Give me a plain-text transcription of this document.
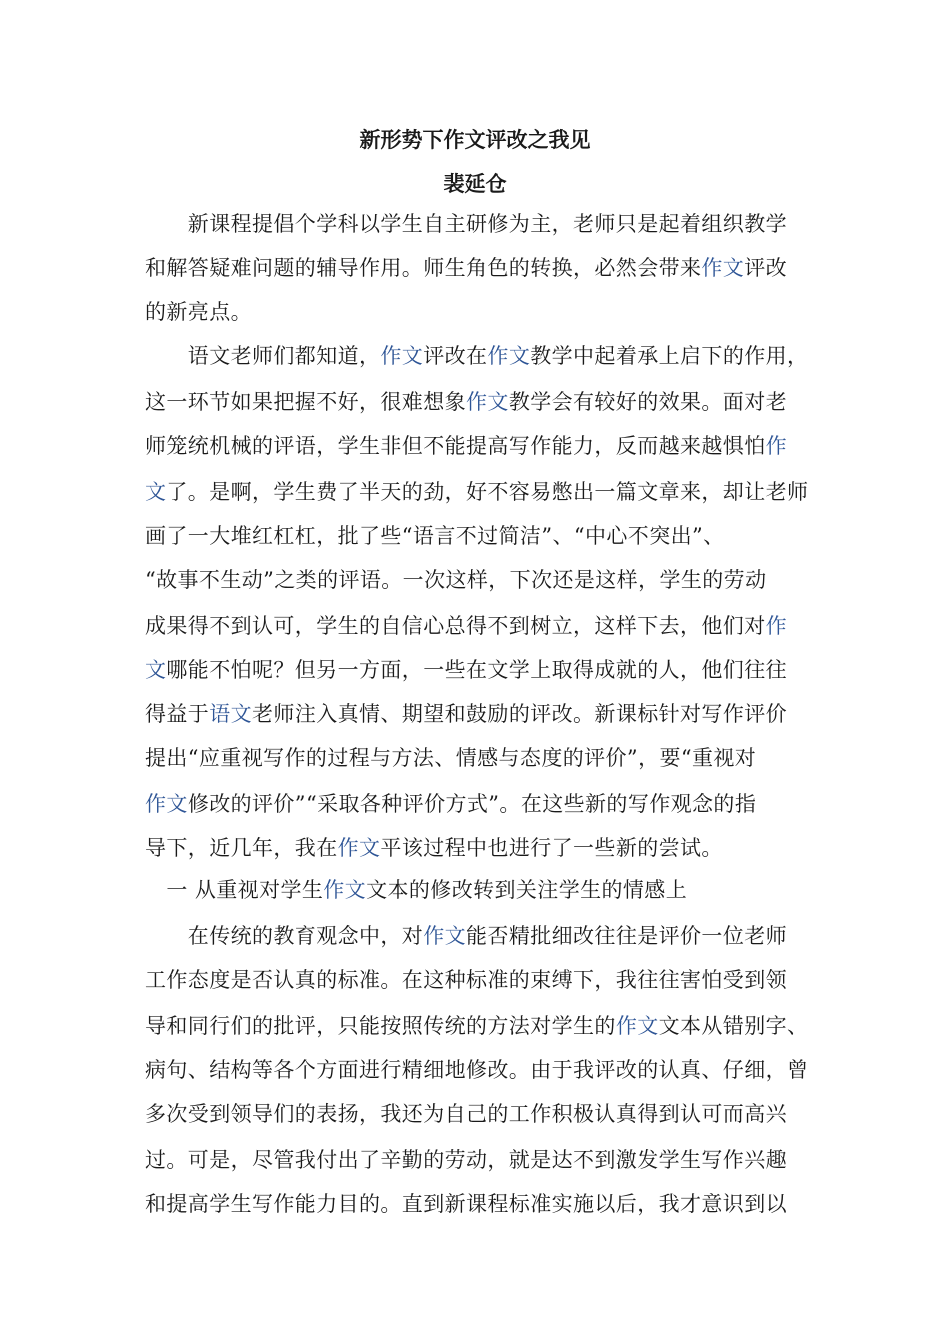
新形势下作文评改之我见
裴延仓
　　新课程提倡个学科以学生自主研修为主，老师只是起着组织教学
和解答疑难问题的辅导作用。师生角色的转换，必然会带来作文评改
的新亮点。
　　语文老师们都知道，作文评改在作文教学中起着承上启下的作用，
这一环节如果把握不好，很难想象作文教学会有较好的效果。面对老
师笼统机械的评语，学生非但不能提高写作能力，反而越来越惧怕作
文了。是啊，学生费了半天的劲，好不容易憋出一篇文章来，却让老师
画了一大堆红杠杠，批了些“语言不过简洁”、“中心不突出”、
“故事不生动”之类的评语。一次这样，下次还是这样，学生的劳动
成果得不到认可，学生的自信心总得不到树立，这样下去，他们对作
文哪能不怕呢？但另一方面，一些在文学上取得成就的人，他们往往
得益于语文老师注入真情、期望和鼓励的评改。新课标针对写作评价
提出“应重视写作的过程与方法、情感与态度的评价”，要“重视对
作文修改的评价”“采取各种评价方式”。在这些新的写作观念的指
导下，近几年，我在作文平该过程中也进行了一些新的尝试。
　一 从重视对学生作文文本的修改转到关注学生的情感上
　　在传统的教育观念中，对作文能否精批细改往往是评价一位老师
工作态度是否认真的标准。在这种标准的束缚下，我往往害怕受到领
导和同行们的批评，只能按照传统的方法对学生的作文文本从错别字、
病句、结构等各个方面进行精细地修改。由于我评改的认真、仔细，曾
多次受到领导们的表扬，我还为自己的工作积极认真得到认可而高兴
过。可是，尽管我付出了辛勤的劳动，就是达不到激发学生写作兴趣
和提高学生写作能力目的。直到新课程标准实施以后，我才意识到以
